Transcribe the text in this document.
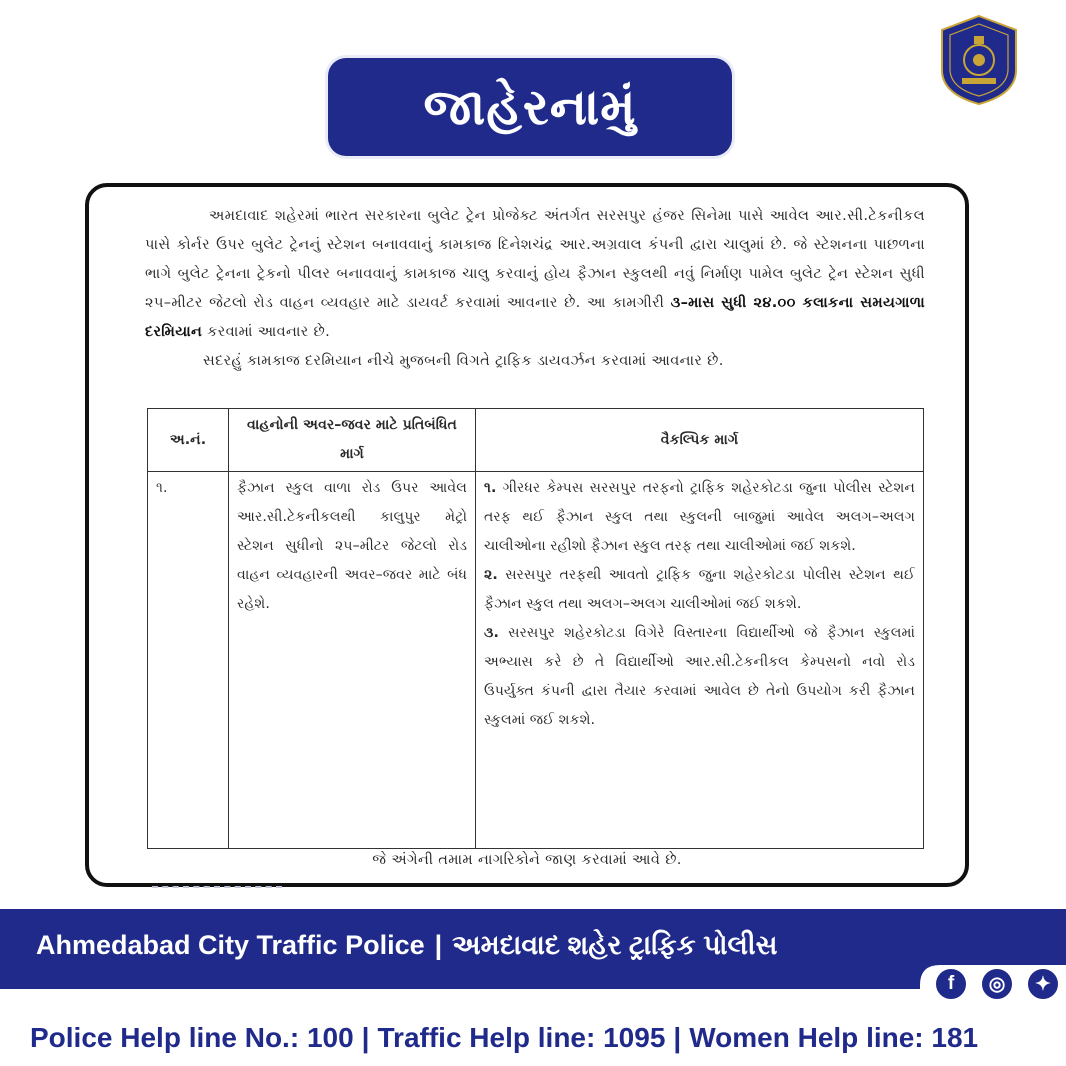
જાહેરનામું

અમદાવાદ શહેરમાં ભારત સરકારના બુલેટ ટ્રેન પ્રોજેક્ટ અંતર્ગત સરસપુર હંજર સિનેમા પાસે આવેલ આર.સી.ટેકનીકલ પાસે કોર્નર ઉપર બુલેટ ટ્રેનનું સ્ટેશન બનાવવાનું કામકાજ દિનેશચંદ્ર આર.અગ્રવાલ કંપની દ્વારા ચાલુમાં છે. જે સ્ટેશનના પાછળના ભાગે બુલેટ ટ્રેનના ટ્રેકનો પીલર બનાવવાનું કામકાજ ચાલુ કરવાનું હોય ફૈઝાન સ્કુલથી નવું નિર્માણ પામેલ બુલેટ ટ્રેન સ્ટેશન સુધી ૨૫–મીટર જેટલો રોડ વાહન વ્યવહાર માટે ડાયવર્ટ કરવામાં આવનાર છે. આ કામગીરી ૩–માસ સુધી ૨૪.૦૦ કલાકના સમયગાળા દરમિયાન કરવામાં આવનાર છે.

સદરહું કામકાજ દરમિયાન નીચે મુજબની વિગતે ટ્રાફિક ડાયવર્ઝન કરવામાં આવનાર છે.

અ.નં.	વાહનોની અવર–જવર માટે પ્રતિબંધિત માર્ગ	વૈકલ્પિક માર્ગ
૧.	ફૈઝાન સ્કુલ વાળા રોડ ઉપર આવેલ આર.સી.ટેકનીકલથી કાલુપુર મેટ્રો સ્ટેશન સુધીનો ૨૫–મીટર જેટલો રોડ વાહન વ્યવહારની અવર–જવર માટે બંધ રહેશે.	૧. ગીરધર કેમ્પસ સરસપુર તરફનો ટ્રાફિક શહેરકોટડા જુના પોલીસ સ્ટેશન તરફ થઈ ફૈઝાન સ્કુલ તથા સ્કુલની બાજુમાં આવેલ અલગ–અલગ ચાલીઓના રહીશો ફૈઝાન સ્કુલ તરફ તથા ચાલીઓમાં જઈ શકશે.
૨. સરસપુર તરફથી આવતો ટ્રાફિક જુના શહેરકોટડા પોલીસ સ્ટેશન થઈ ફૈઝાન સ્કુલ તથા અલગ–અલગ ચાલીઓમાં જઈ શકશે.
૩. સરસપુર શહેરકોટડા વિગેરે વિસ્તારના વિદ્યાર્થીઓ જે ફૈઝાન સ્કુલમાં અભ્યાસ કરે છે તે વિદ્યાર્થીઓ આર.સી.ટેકનીકલ કેમ્પસનો નવો રોડ ઉપર્યુક્ત કંપની દ્વારા તૈયાર કરવામાં આવેલ છે તેનો ઉપયોગ કરી ફૈઝાન સ્કુલમાં જઈ શકશે.
જે અંગેની તમામ નાગરિકોને જાણ કરવામાં આવે છે.
Ahmedabad City Traffic Police | અમદાવાદ શહેર ટ્રાફિક પોલીસ
f	◎	✦
Police Help line No.: 100 | Traffic Help line: 1095 | Women Help line: 181
